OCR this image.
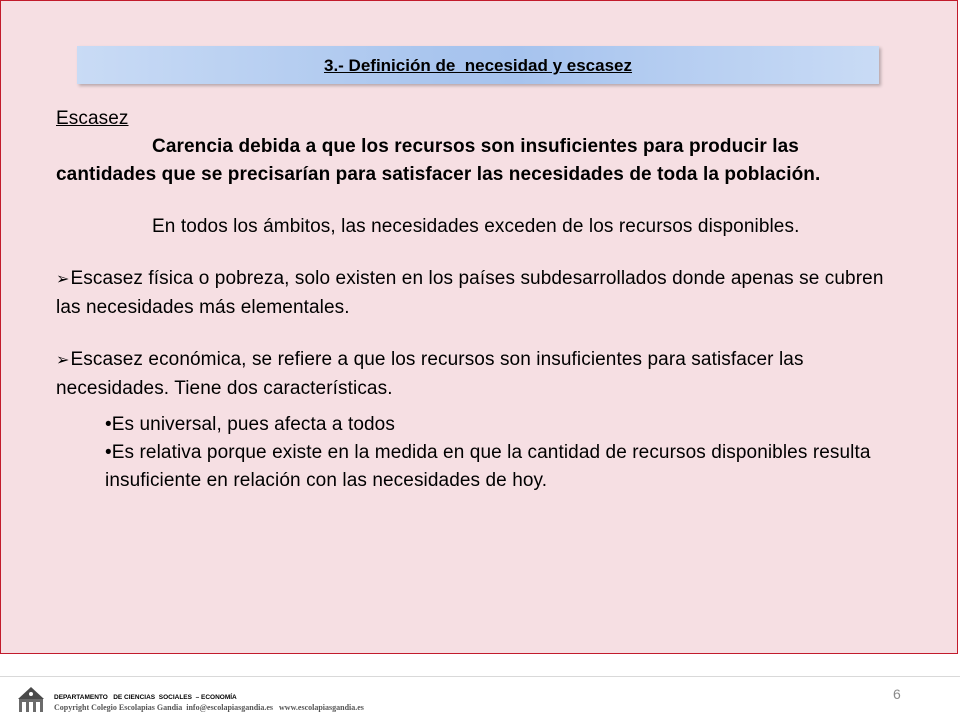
3.- Definición de  necesidad y escasez

Escasez

Carencia debida a que los recursos son insuficientes para producir las cantidades que se precisarían para satisfacer las necesidades de toda la población.

En todos los ámbitos, las necesidades exceden de los recursos disponibles.

➢Escasez física o pobreza, solo existen en los países subdesarrollados donde apenas se cubren las necesidades más elementales.

➢Escasez económica, se refiere a que los recursos son insuficientes para satisfacer las necesidades. Tiene dos características.

•Es universal, pues afecta a todos

•Es relativa porque existe en la medida en que la cantidad de recursos disponibles resulta insuficiente en relación con las necesidades de hoy.

DEPARTAMENTO   DE CIENCIAS  SOCIALES  – ECONOMÍA
Copyright Colegio Escolapias Gandia  info@escolapiasgandia.es   www.escolapiasgandia.es
6
